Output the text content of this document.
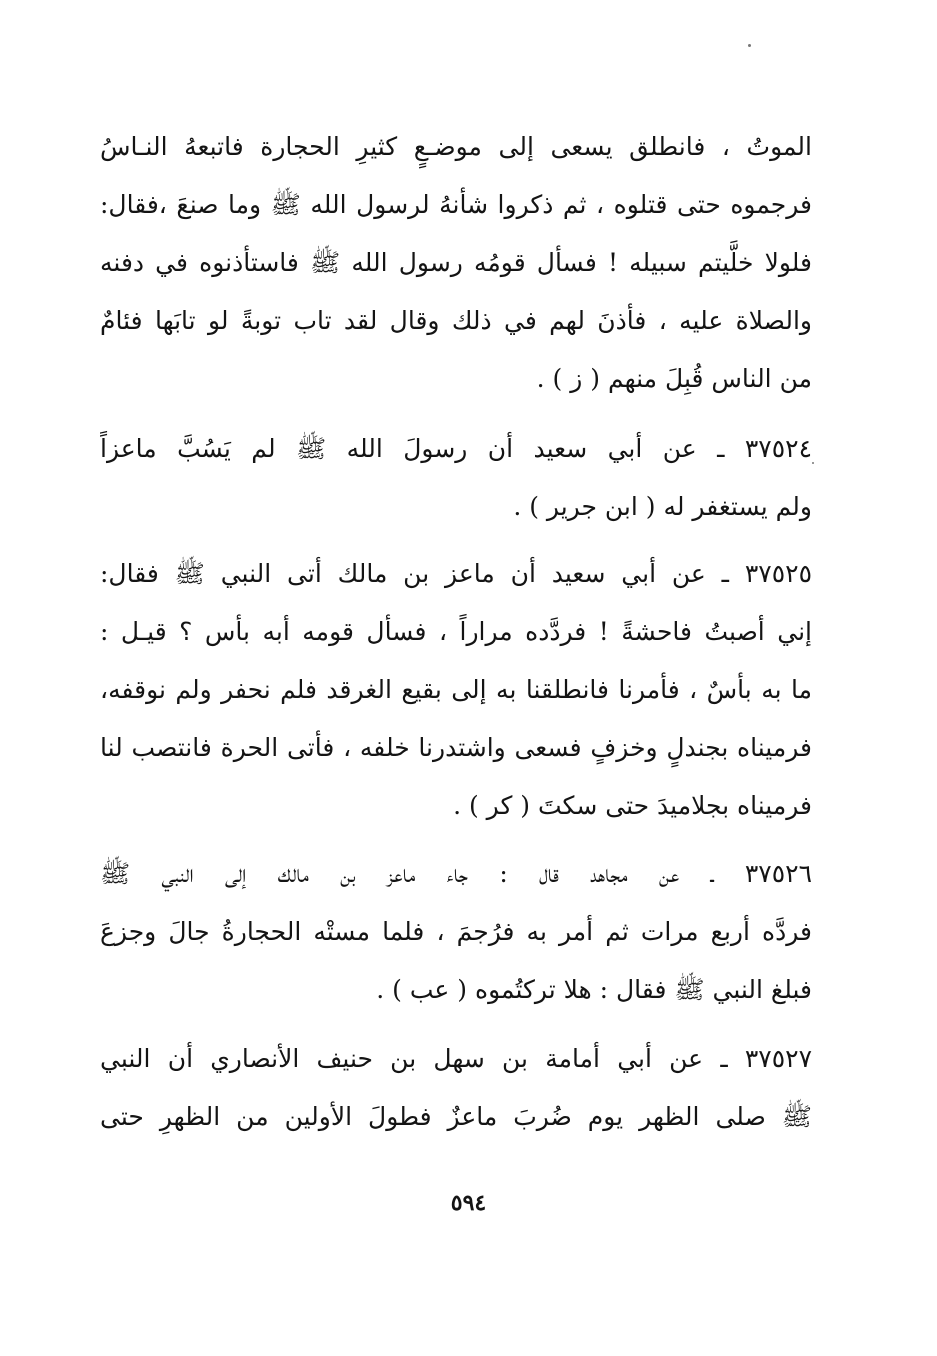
الموتُ ، فانطلق يسعى إلى موضـعٍ كثيرِ الحجارة فاتبعهُ النـاسُ
فرجموه حتى قتلوه ، ثم ذكروا شأنهُ لرسول الله ﷺ وما صنعَ ،فقال:
فلولا خلَّيتم سبيله ! فسأل قومُه رسول الله ﷺ فاستأذنوه في دفنه
والصلاة عليه ، فأذنَ لهم في ذلك وقال لقد تاب توبةً لو تابَها فئامٌ
من الناس قُبِلَ منهم ( ز ) .
٣٧٥٢٤ ـ عن أبي سعيد أن رسولَ الله ﷺ لم يَسُبَّ ماعزاً
ولم يستغفر له ( ابن جرير ) .
٣٧٥٢٥ ـ عن أبي سعيد أن ماعز بن مالك أتى النبي ﷺ فقال:
إني أصبتُ فاحشةً ! فردَّده مراراً ، فسأل قومه أبه بأس ؟ قيـل :
ما به بأسٌ ، فأمرنا فانطلقنا به إلى بقيع الغرقد فلم نحفر ولم نوقفه،
فرميناه بجندلٍ وخزفٍ فسعى واشتدرنا خلفه ، فأتى الحرة فانتصب لنا
فرميناه بجلاميدَ حتى سكتَ ( كر ) .
٣٧٥٢٦ ـ عن مجاهد قال : جاء ماعز بن مالك إلى النبي ﷺ
فردَّه أربع مرات ثم أمر به فرُجمَ ، فلما مستْه الحجارةُ جالَ وجزعَ
فبلغ النبي ﷺ فقال : هلا تركتُموه ( عب ) .
٣٧٥٢٧ ـ عن أبي أمامة بن سهل بن حنيف الأنصاري أن النبي
ﷺ صلى الظهر يوم ضُربَ ماعزٌ فطولَ الأولين من الظهرِ حتى
٥٩٤
